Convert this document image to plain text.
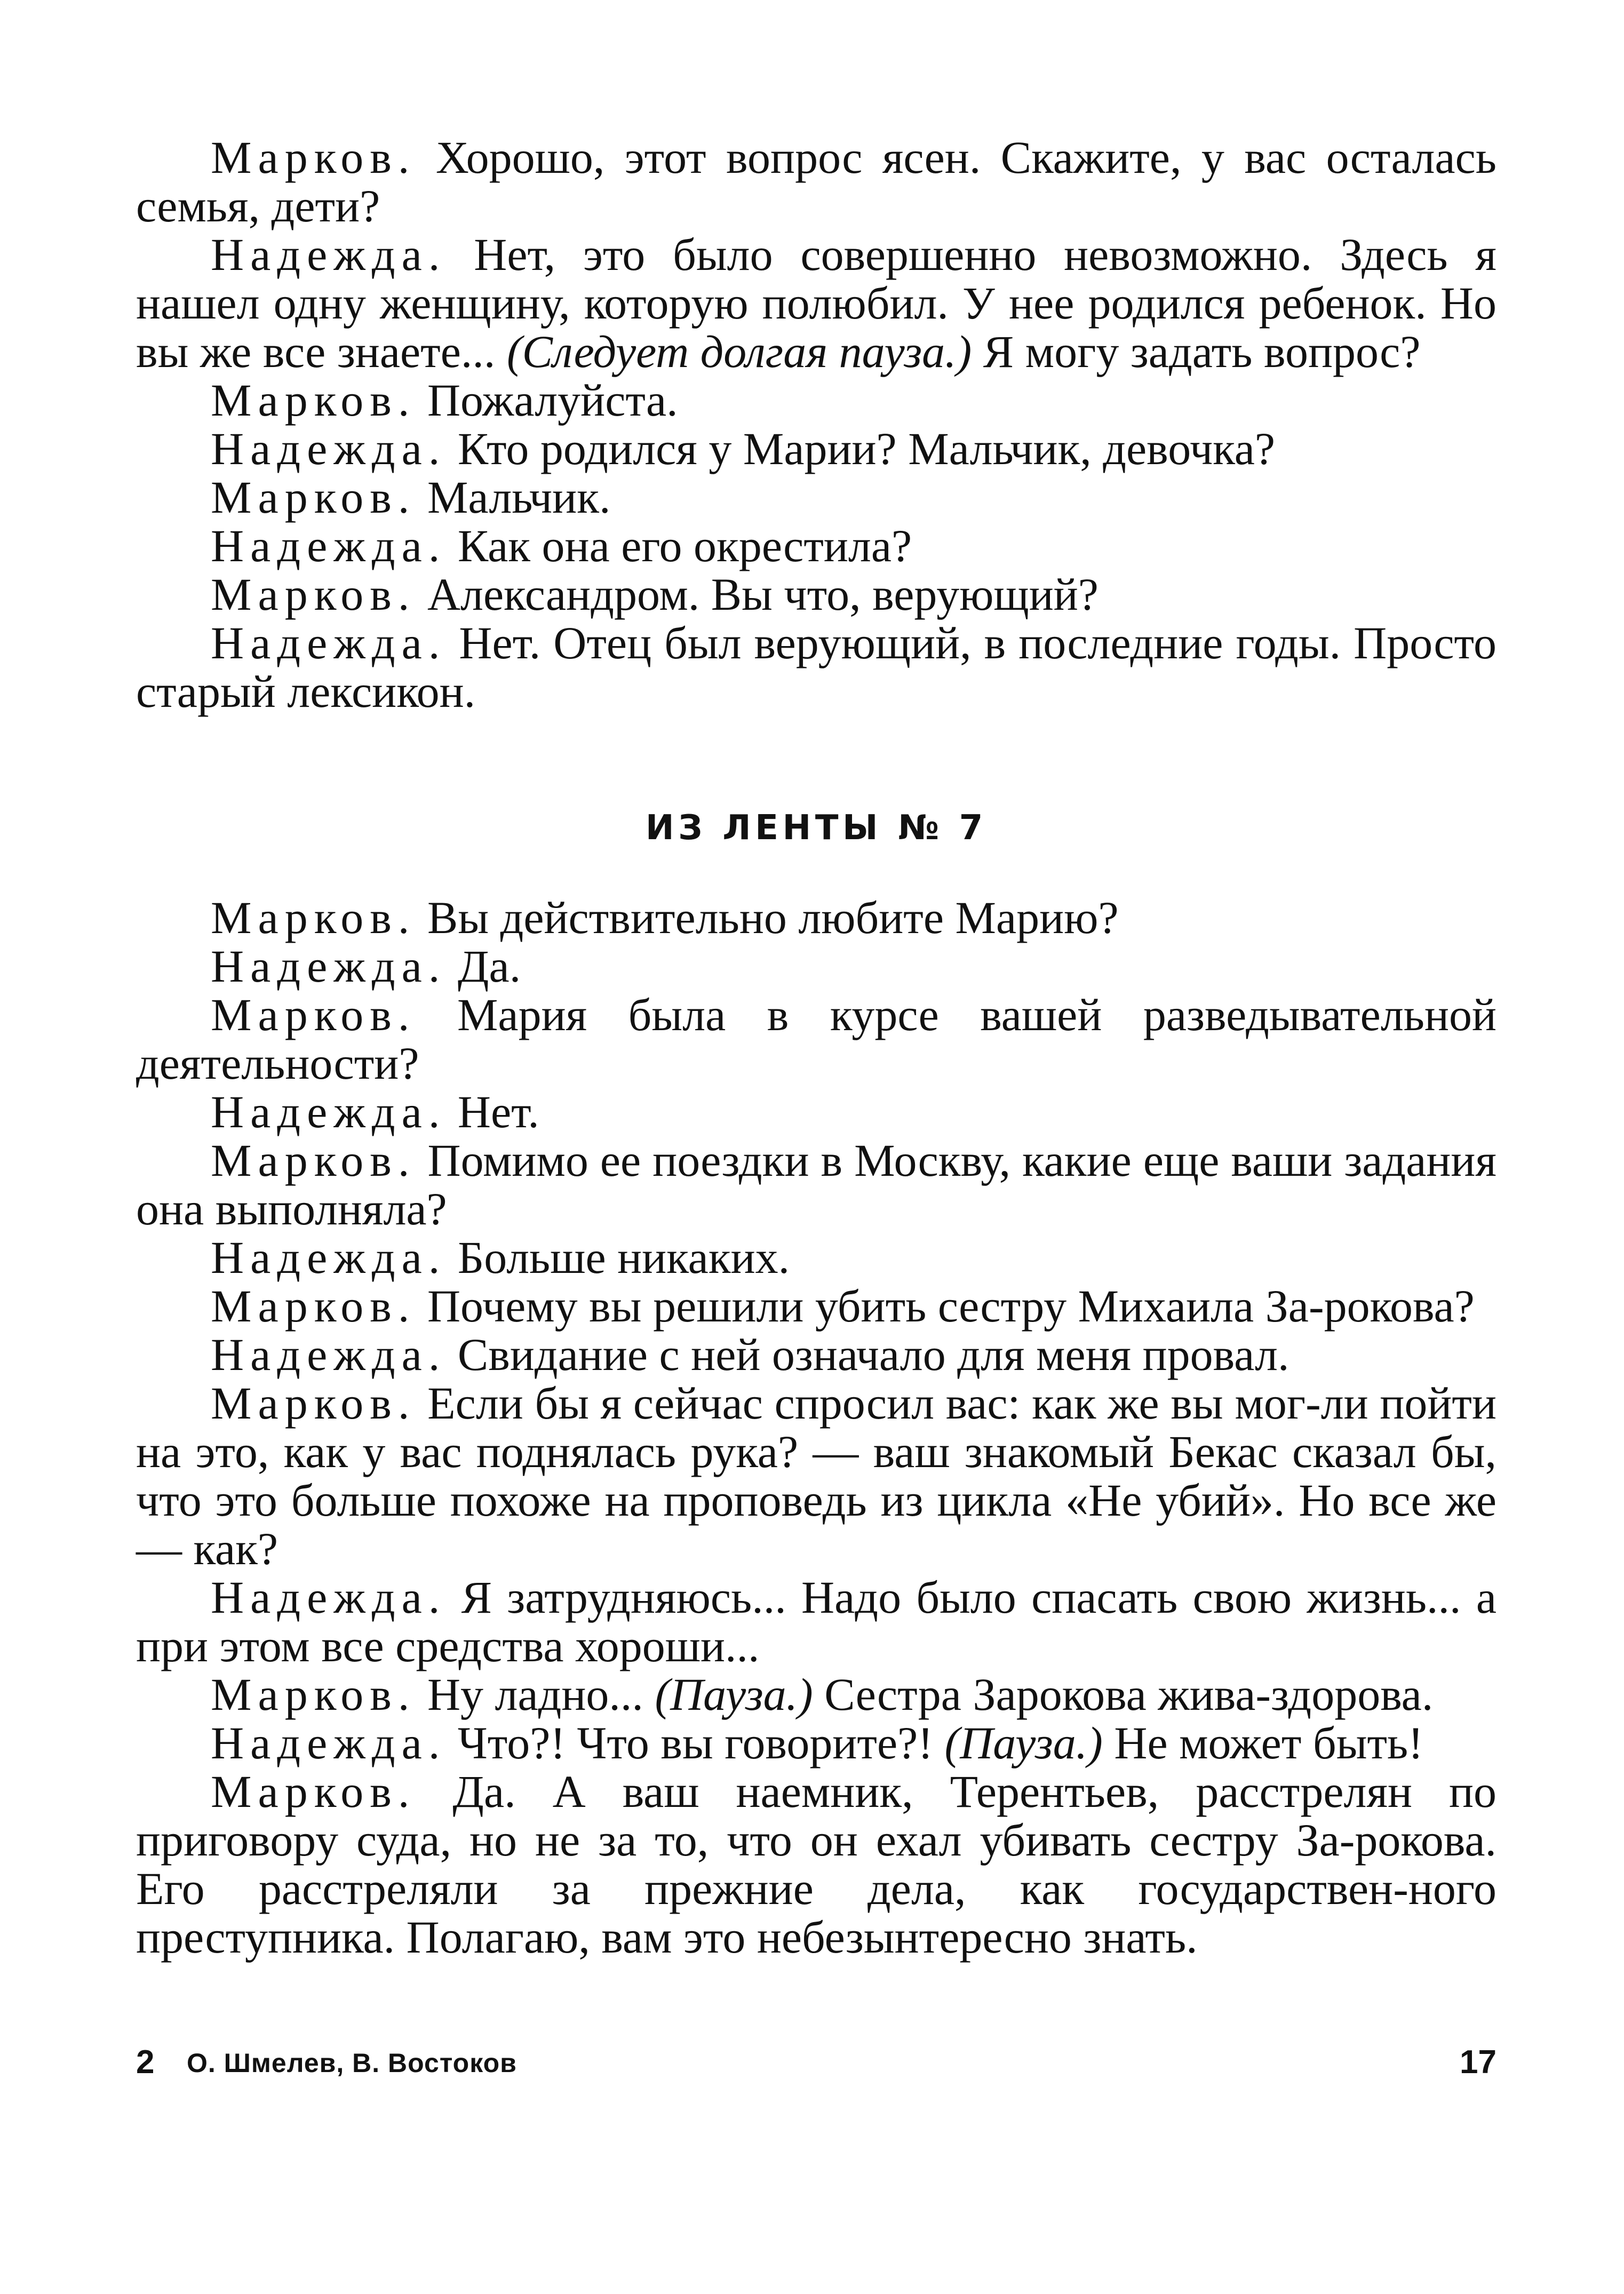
Марков. Хорошо, этот вопрос ясен. Скажите, у вас осталась семья, дети?

Надежда. Нет, это было совершенно невозможно. Здесь я нашел одну женщину, которую полюбил. У нее родился ребенок. Но вы же все знаете... (Следует долгая пауза.) Я могу задать вопрос?

Марков. Пожалуйста.

Надежда. Кто родился у Марии? Мальчик, девочка?

Марков. Мальчик.

Надежда. Как она его окрестила?

Марков. Александром. Вы что, верующий?

Надежда. Нет. Отец был верующий, в последние годы. Просто старый лексикон.

ИЗ ЛЕНТЫ № 7

Марков. Вы действительно любите Марию?

Надежда. Да.

Марков. Мария была в курсе вашей разведывательной деятельности?

Надежда. Нет.

Марков. Помимо ее поездки в Москву, какие еще ваши задания она выполняла?

Надежда. Больше никаких.

Марков. Почему вы решили убить сестру Михаила За-рокова?

Надежда. Свидание с ней означало для меня провал.

Марков. Если бы я сейчас спросил вас: как же вы мог-ли пойти на это, как у вас поднялась рука? — ваш знакомый Бекас сказал бы, что это больше похоже на проповедь из цикла «Не убий». Но все же — как?

Надежда. Я затрудняюсь... Надо было спасать свою жизнь... а при этом все средства хороши...

Марков. Ну ладно... (Пауза.) Сестра Зарокова жива-здорова.

Надежда. Что?! Что вы говорите?! (Пауза.) Не может быть!

Марков. Да. А ваш наемник, Терентьев, расстрелян по приговору суда, но не за то, что он ехал убивать сестру За-рокова. Его расстреляли за прежние дела, как государствен-ного преступника. Полагаю, вам это небезынтересно знать.

2 О. Шмелев, В. Востоков	17
